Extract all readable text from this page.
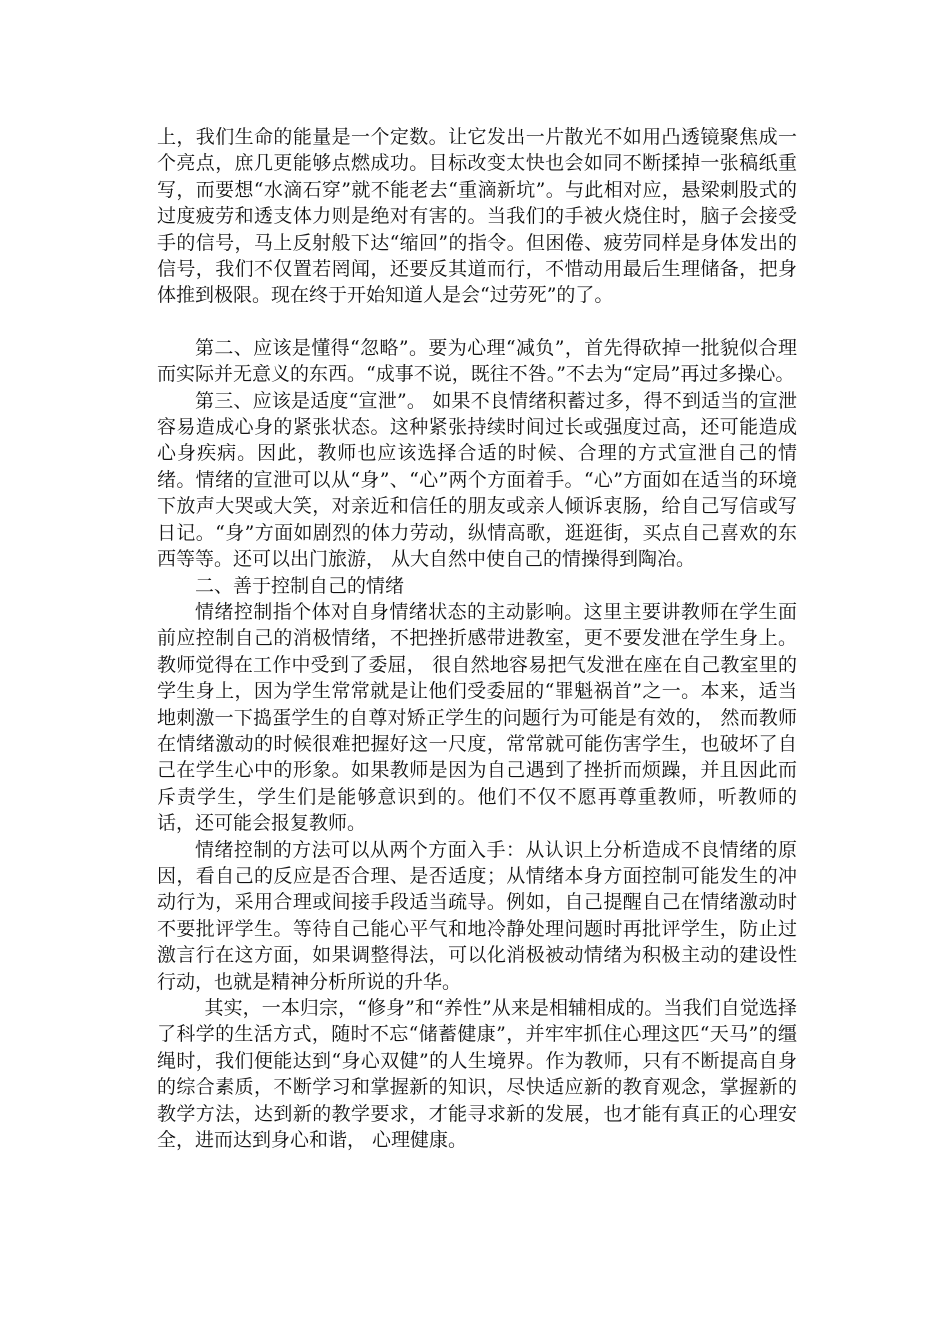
上，我们生命的能量是一个定数。让它发出一片散光不如用凸透镜聚焦成一个亮点，庶几更能够点燃成功。目标改变太快也会如同不断揉掉一张稿纸重写，而要想“水滴石穿”就不能老去“重滴新坑”。与此相对应，悬梁刺股式的过度疲劳和透支体力则是绝对有害的。当我们的手被火烧住时，脑子会接受手的信号，马上反射般下达“缩回”的指令。但困倦、疲劳同样是身体发出的信号，我们不仅置若罔闻，还要反其道而行，不惜动用最后生理储备，把身体推到极限。现在终于开始知道人是会“过劳死”的了。

第二、应该是懂得“忽略”。要为心理“减负”，首先得砍掉一批貌似合理而实际并无意义的东西。“成事不说，既往不咎。”不去为“定局”再过多操心。

第三、应该是适度“宣泄”。 如果不良情绪积蓄过多，得不到适当的宣泄容易造成心身的紧张状态。这种紧张持续时间过长或强度过高，还可能造成心身疾病。因此，教师也应该选择合适的时候、合理的方式宣泄自己的情绪。情绪的宣泄可以从“身”、“心”两个方面着手。“心”方面如在适当的环境下放声大哭或大笑，对亲近和信任的朋友或亲人倾诉衷肠，给自己写信或写日记。“身”方面如剧烈的体力劳动，纵情高歌，逛逛街，买点自己喜欢的东西等等。还可以出门旅游， 从大自然中使自己的情操得到陶冶。

二、善于控制自己的情绪

情绪控制指个体对自身情绪状态的主动影响。这里主要讲教师在学生面前应控制自己的消极情绪，不把挫折感带进教室，更不要发泄在学生身上。教师觉得在工作中受到了委屈， 很自然地容易把气发泄在座在自己教室里的学生身上，因为学生常常就是让他们受委屈的“罪魁祸首”之一。本来，适当地刺激一下捣蛋学生的自尊对矫正学生的问题行为可能是有效的， 然而教师在情绪激动的时候很难把握好这一尺度，常常就可能伤害学生，也破坏了自己在学生心中的形象。如果教师是因为自己遇到了挫折而烦躁，并且因此而斥责学生，学生们是能够意识到的。他们不仅不愿再尊重教师，听教师的话，还可能会报复教师。

情绪控制的方法可以从两个方面入手：从认识上分析造成不良情绪的原因，看自己的反应是否合理、是否适度；从情绪本身方面控制可能发生的冲动行为，采用合理或间接手段适当疏导。例如，自己提醒自己在情绪激动时不要批评学生。等待自己能心平气和地冷静处理问题时再批评学生，防止过激言行在这方面，如果调整得法，可以化消极被动情绪为积极主动的建设性行动，也就是精神分析所说的升华。

其实，一本归宗，“修身”和“养性”从来是相辅相成的。当我们自觉选择了科学的生活方式，随时不忘“储蓄健康”，并牢牢抓住心理这匹“天马”的缰绳时，我们便能达到“身心双健”的人生境界。作为教师，只有不断提高自身的综合素质，不断学习和掌握新的知识，尽快适应新的教育观念，掌握新的教学方法，达到新的教学要求，才能寻求新的发展，也才能有真正的心理安全，进而达到身心和谐， 心理健康。
